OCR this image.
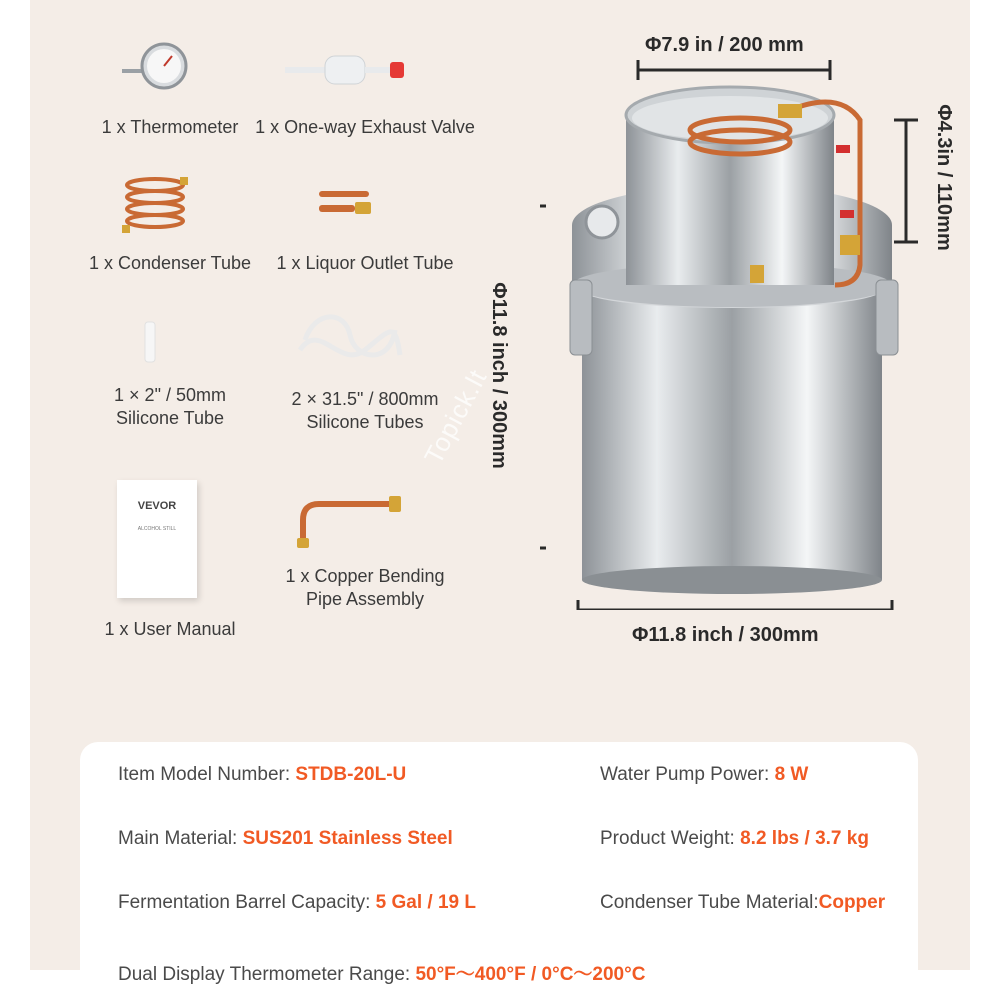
1 x Thermometer 1 x One-way Exhaust Valve
1 x Condenser Tube	1 x Liquor Outlet Tube
1 × 2" / 50mm
Silicone Tube
2 × 31.5" / 800mm
Silicone Tubes
VEVOR
ALCOHOL STILL
1 x User Manual
1 x Copper Bending
Pipe Assembly
Φ7.9 in / 200 mm
Φ4.3in / 110mm
Φ11.8 inch / 300mm
Φ11.8 inch / 300mm
Topick.lt
Item Model Number: STDB-20L-U	Water Pump Power: 8 W
Main Material: SUS201 Stainless Steel	Product Weight: 8.2 lbs / 3.7 kg
Fermentation Barrel Capacity: 5 Gal / 19 L	Condenser Tube Material:Copper
Dual Display Thermometer Range: 50°F～400°F / 0°C～200°C
